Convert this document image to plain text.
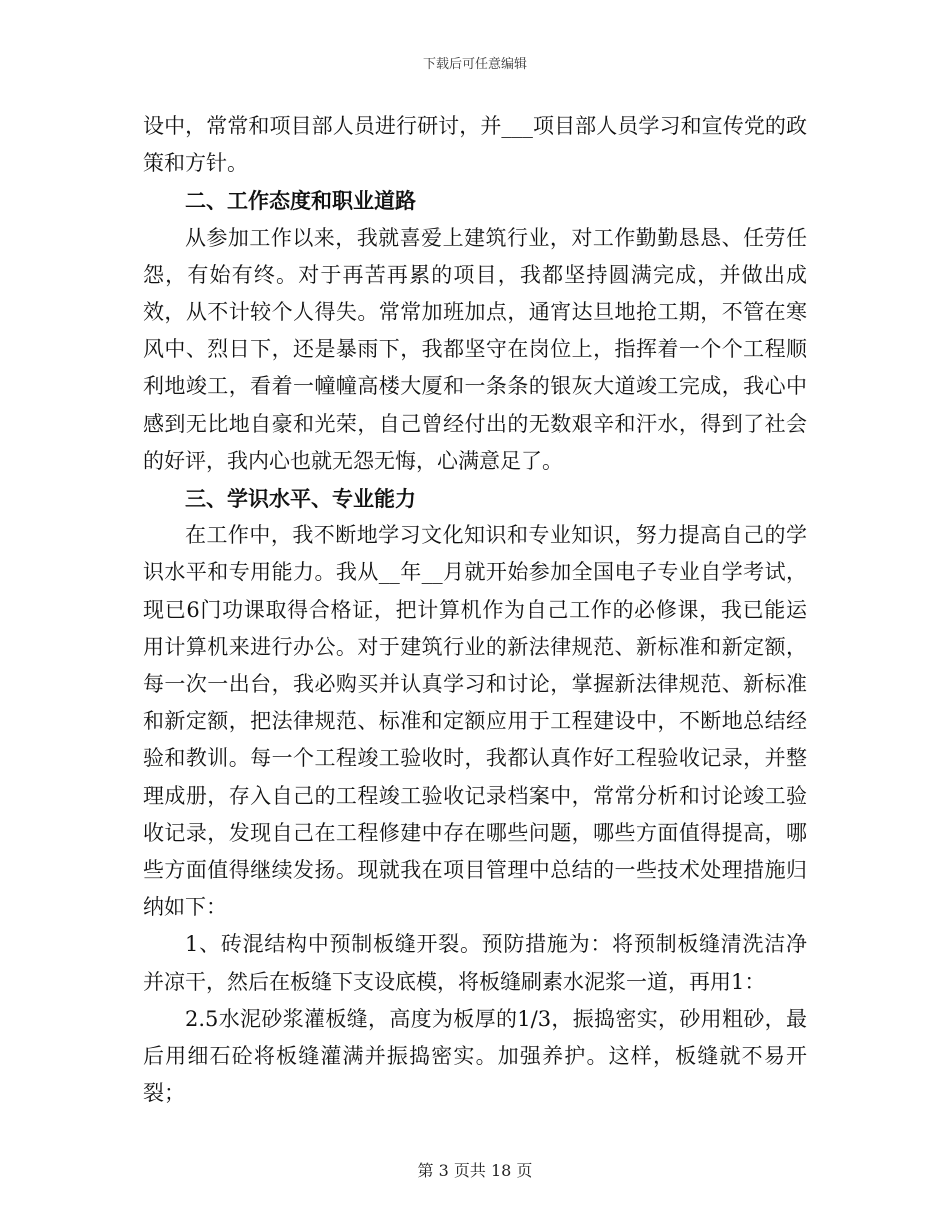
下载后可任意编辑

设中，常常和项目部人员进行研讨，并___项目部人员学习和宣传党的政策和方针。

二、工作态度和职业道路

从参加工作以来，我就喜爱上建筑行业，对工作勤勤恳恳、任劳任怨，有始有终。对于再苦再累的项目，我都坚持圆满完成，并做出成效，从不计较个人得失。常常加班加点，通宵达旦地抢工期，不管在寒风中、烈日下，还是暴雨下，我都坚守在岗位上，指挥着一个个工程顺利地竣工，看着一幢幢高楼大厦和一条条的银灰大道竣工完成，我心中感到无比地自豪和光荣，自己曾经付出的无数艰辛和汗水，得到了社会的好评，我内心也就无怨无悔，心满意足了。

三、学识水平、专业能力

在工作中，我不断地学习文化知识和专业知识，努力提高自己的学识水平和专用能力。我从__年__月就开始参加全国电子专业自学考试，现已6门功课取得合格证，把计算机作为自己工作的必修课，我已能运用计算机来进行办公。对于建筑行业的新法律规范、新标准和新定额，每一次一出台，我必购买并认真学习和讨论，掌握新法律规范、新标准和新定额，把法律规范、标准和定额应用于工程建设中，不断地总结经验和教训。每一个工程竣工验收时，我都认真作好工程验收记录，并整理成册，存入自己的工程竣工验收记录档案中，常常分析和讨论竣工验收记录，发现自己在工程修建中存在哪些问题，哪些方面值得提高，哪些方面值得继续发扬。现就我在项目管理中总结的一些技术处理措施归纳如下：

1、砖混结构中预制板缝开裂。预防措施为：将预制板缝清洗洁净并凉干，然后在板缝下支设底模，将板缝刷素水泥浆一道，再用1：

2.5水泥砂浆灌板缝，高度为板厚的1/3，振捣密实，砂用粗砂，最后用细石砼将板缝灌满并振捣密实。加强养护。这样，板缝就不易开裂；

第 3 页共 18 页
